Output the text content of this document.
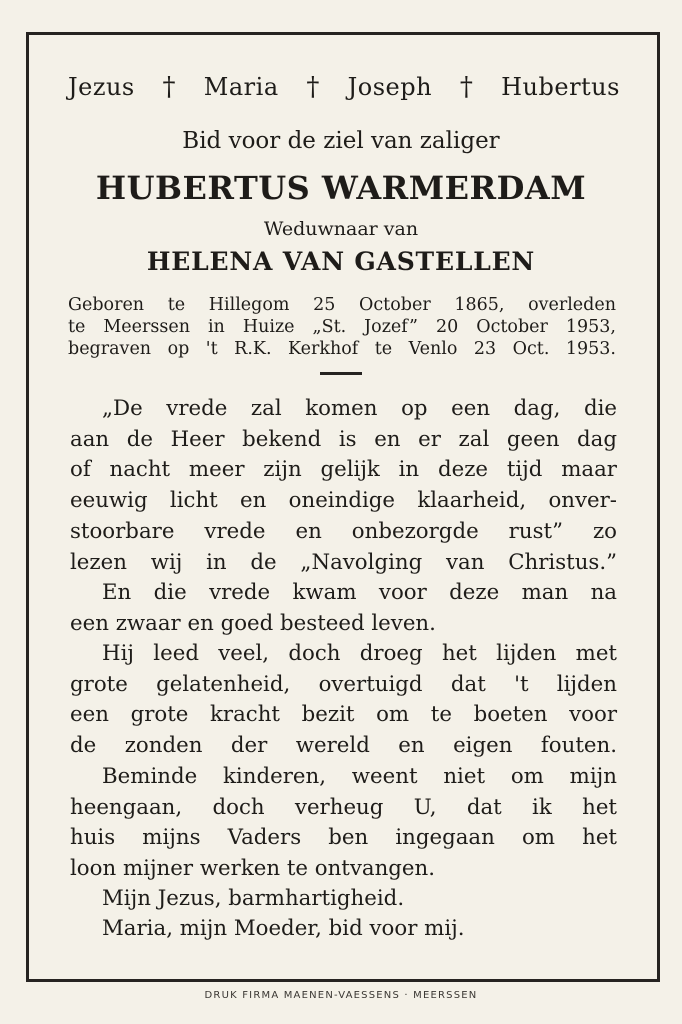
Jezus † Maria † Joseph † Hubertus
Bid voor de ziel van zaliger
HUBERTUS WARMERDAM
Weduwnaar van
HELENA VAN GASTELLEN
Geboren te Hillegom 25 October 1865, overleden
te Meerssen in Huize „St. Jozef” 20 October 1953,
begraven op 't R.K. Kerkhof te Venlo 23 Oct. 1953.
„De vrede zal komen op een dag, die
aan de Heer bekend is en er zal geen dag
of nacht meer zijn gelijk in deze tijd maar
eeuwig licht en oneindige klaarheid, onver-
stoorbare vrede en onbezorgde rust” zo
lezen wij in de „Navolging van Christus.”
En die vrede kwam voor deze man na
een zwaar en goed besteed leven.
Hij leed veel, doch droeg het lijden met
grote gelatenheid, overtuigd dat 't lijden
een grote kracht bezit om te boeten voor
de zonden der wereld en eigen fouten.
Beminde kinderen, weent niet om mijn
heengaan, doch verheug U, dat ik het
huis mijns Vaders ben ingegaan om het
loon mijner werken te ontvangen.
Mijn Jezus, barmhartigheid.
Maria, mijn Moeder, bid voor mij.
DRUK FIRMA MAENEN-VAESSENS · MEERSSEN
